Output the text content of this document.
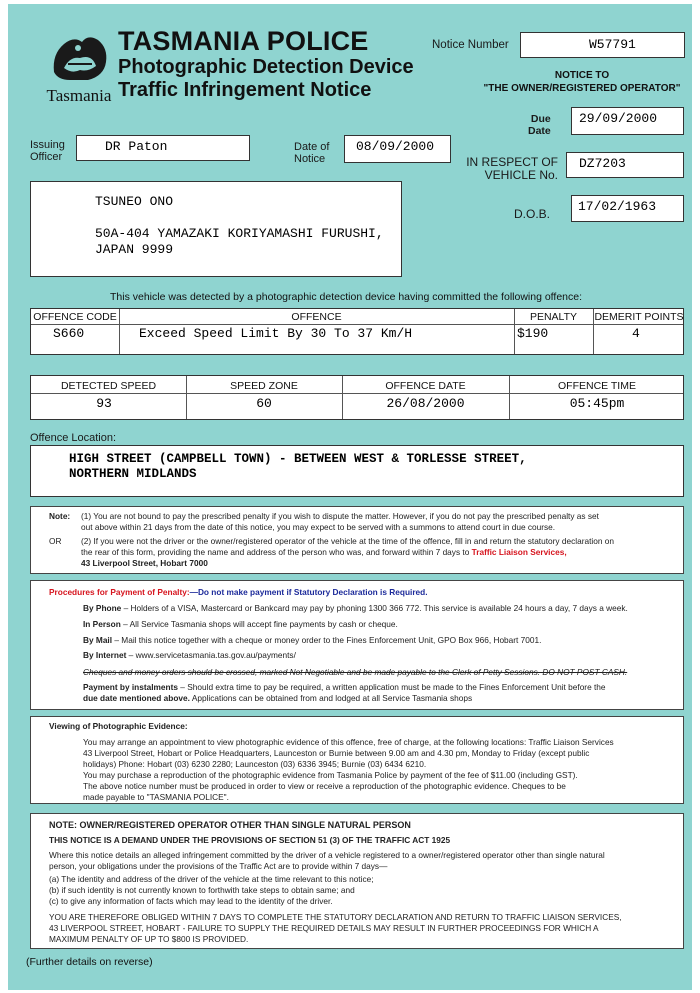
Tasmania
TASMANIA POLICE
Photographic Detection Device
Traffic Infringement Notice
Notice Number	W57791
NOTICE TO
"THE OWNER/REGISTERED OPERATOR"
Due
Date
29/09/2000
Issuing
Officer
DR Paton	Date of
Notice
08/09/2000
IN RESPECT OF
VEHICLE No.
DZ7203
TSUNEO ONO
50A-404 YAMAZAKI KORIYAMASHI FURUSHI,
JAPAN 9999
D.O.B. 17/02/1963
This vehicle was detected by a photographic detection device having committed the following offence:
OFFENCE CODE	OFFENCE	PENALTY	DEMERIT POINTS
S660	Exceed Speed Limit By 30 To 37 Km/H	$190	4
DETECTED SPEED	SPEED ZONE	OFFENCE DATE	OFFENCE TIME
93	60	26/08/2000	05:45pm
Offence Location:
HIGH STREET (CAMPBELL TOWN) - BETWEEN WEST & TORLESSE STREET,
NORTHERN MIDLANDS
Note:
OR
(1) You are not bound to pay the prescribed penalty if you wish to dispute the matter. However, if you do not pay the prescribed penalty as set
out above within 21 days from the date of this notice, you may expect to be served with a summons to attend court in due course.
(2) If you were not the driver or the owner/registered operator of the vehicle at the time of the offence, fill in and return the statutory declaration on
the rear of this form, providing the name and address of the person who was, and forward within 7 days to Traffic Liaison Services,
43 Liverpool Street, Hobart 7000
Procedures for Payment of Penalty:—Do not make payment if Statutory Declaration is Required.
By Phone – Holders of a VISA, Mastercard or Bankcard may pay by phoning 1300 366 772. This service is available 24 hours a day, 7 days a week.
In Person – All Service Tasmania shops will accept fine payments by cash or cheque.
By Mail – Mail this notice together with a cheque or money order to the Fines Enforcement Unit, GPO Box 966, Hobart 7001.
By Internet – www.servicetasmania.tas.gov.au/payments/
Cheques and money orders should be crossed, marked Not Negotiable and be made payable to the Clerk of Petty Sessions. DO NOT POST CASH.
Payment by instalments – Should extra time to pay be required, a written application must be made to the Fines Enforcement Unit before the
due date mentioned above. Applications can be obtained from and lodged at all Service Tasmania shops
Viewing of Photographic Evidence:
You may arrange an appointment to view photographic evidence of this offence, free of charge, at the following locations: Traffic Liaison Services
43 Liverpool Street, Hobart or Police Headquarters, Launceston or Burnie between 9.00 am and 4.30 pm, Monday to Friday (except public
holidays) Phone: Hobart (03) 6230 2280; Launceston (03) 6336 3945; Burnie (03) 6434 6210.
You may purchase a reproduction of the photographic evidence from Tasmania Police by payment of the fee of $11.00 (including GST).
The above notice number must be produced in order to view or receive a reproduction of the photographic evidence. Cheques to be
made payable to "TASMANIA POLICE".
NOTE: OWNER/REGISTERED OPERATOR OTHER THAN SINGLE NATURAL PERSON
THIS NOTICE IS A DEMAND UNDER THE PROVISIONS OF SECTION 51 (3) OF THE TRAFFIC ACT 1925
Where this notice details an alleged infringement committed by the driver of a vehicle registered to a owner/registered operator other than single natural
person, your obligations under the provisions of the Traffic Act are to provide within 7 days—
(a) The identity and address of the driver of the vehicle at the time relevant to this notice;
(b) if such identity is not currently known to forthwith take steps to obtain same; and
(c) to give any information of facts which may lead to the identity of the driver.
YOU ARE THEREFORE OBLIGED WITHIN 7 DAYS TO COMPLETE THE STATUTORY DECLARATION AND RETURN TO TRAFFIC LIAISON SERVICES,
43 LIVERPOOL STREET, HOBART - FAILURE TO SUPPLY THE REQUIRED DETAILS MAY RESULT IN FURTHER PROCEEDINGS FOR WHICH A
MAXIMUM PENALTY OF UP TO $800 IS PROVIDED.
(Further details on reverse)
